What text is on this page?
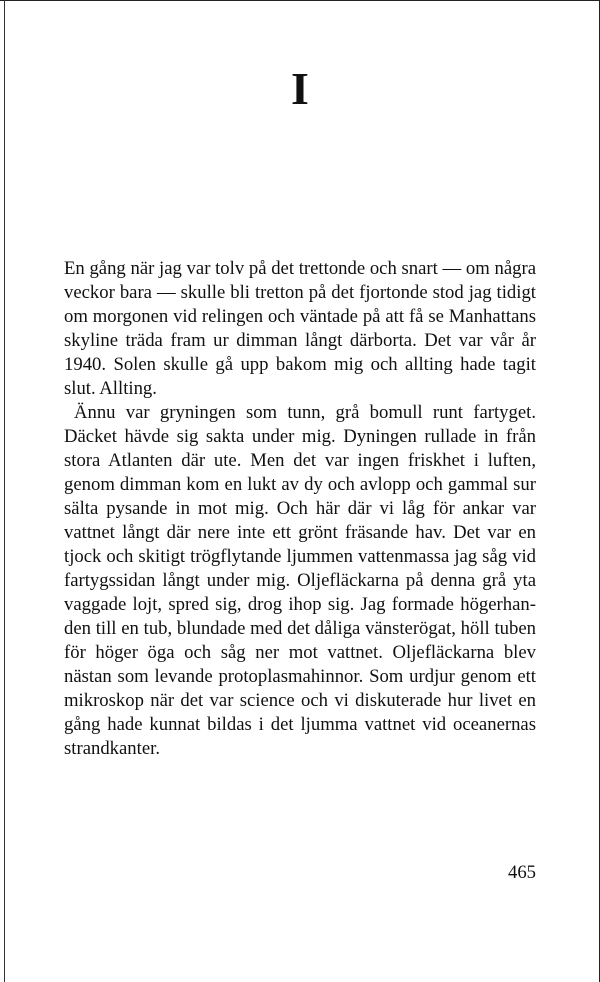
I

En gång när jag var tolv på det trettonde och snart — om några veckor bara — skulle bli tretton på det fjortonde stod jag tidigt om morgonen vid relingen och väntade på att få se Manhattans skyline träda fram ur dimman långt därborta. Det var vår år 1940. Solen skulle gå upp bakom mig och allting hade tagit slut. Allting.

Ännu var gryningen som tunn, grå bomull runt fartyget. Däcket hävde sig sakta under mig. Dyningen rullade in från stora Atlanten där ute. Men det var ingen friskhet i luften, genom dimman kom en lukt av dy och avlopp och gammal sur sälta pysande in mot mig. Och här där vi låg för ankar var vattnet långt där nere inte ett grönt fräsande hav. Det var en tjock och skitigt trögflytande ljummen vattenmassa jag såg vid fartygssidan långt under mig. Oljefläckarna på denna grå yta vaggade lojt, spred sig, drog ihop sig. Jag formade högerhanden till en tub, blundade med det dåliga vänsterögat, höll tuben för höger öga och såg ner mot vattnet. Oljefläckarna blev nästan som levande protoplasmahinnor. Som urdjur genom ett mikroskop när det var science och vi diskuterade hur livet en gång hade kunnat bildas i det ljumma vattnet vid oceanernas strandkanter.

465
